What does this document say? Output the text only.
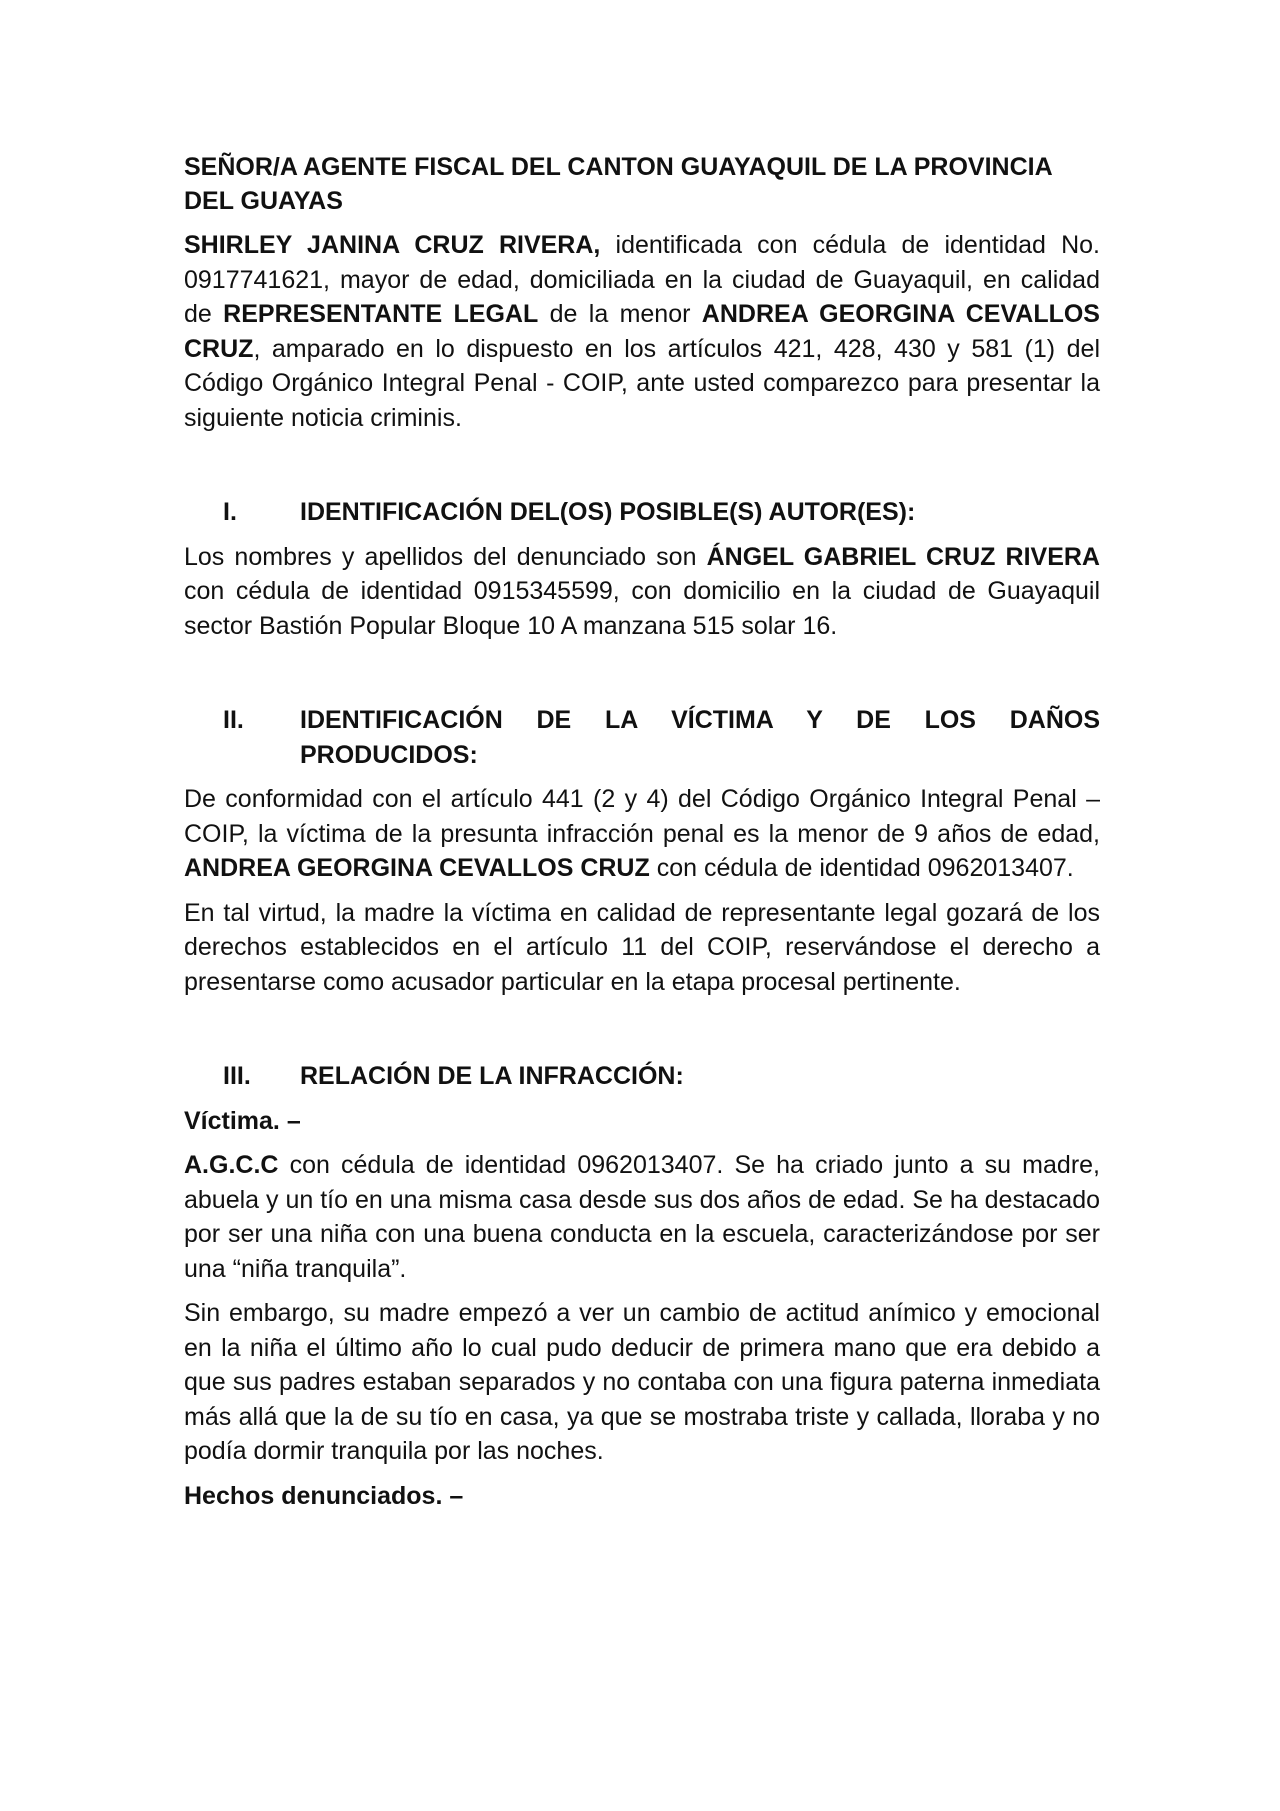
SEÑOR/A AGENTE FISCAL DEL CANTON GUAYAQUIL DE LA PROVINCIA DEL GUAYAS

SHIRLEY JANINA CRUZ RIVERA, identificada con cédula de identidad No. 0917741621, mayor de edad, domiciliada en la ciudad de Guayaquil, en calidad de REPRESENTANTE LEGAL de la menor ANDREA GEORGINA CEVALLOS CRUZ, amparado en lo dispuesto en los artículos 421, 428, 430 y 581 (1) del Código Orgánico Integral Penal - COIP, ante usted comparezco para presentar la siguiente noticia criminis.

I.	IDENTIFICACIÓN DEL(OS) POSIBLE(S) AUTOR(ES):

Los nombres y apellidos del denunciado son ÁNGEL GABRIEL CRUZ RIVERA con cédula de identidad 0915345599, con domicilio en la ciudad de Guayaquil sector Bastión Popular Bloque 10 A manzana 515 solar 16.

II.	IDENTIFICACIÓN DE LA VÍCTIMA Y DE LOS DAÑOS
PRODUCIDOS:

De conformidad con el artículo 441 (2 y 4) del Código Orgánico Integral Penal – COIP, la víctima de la presunta infracción penal es la menor de 9 años de edad, ANDREA GEORGINA CEVALLOS CRUZ con cédula de identidad 0962013407.

En tal virtud, la madre la víctima en calidad de representante legal gozará de los derechos establecidos en el artículo 11 del COIP, reservándose el derecho a presentarse como acusador particular en la etapa procesal pertinente.

III.	RELACIÓN DE LA INFRACCIÓN:

Víctima. –

A.G.C.C con cédula de identidad 0962013407. Se ha criado junto a su madre, abuela y un tío en una misma casa desde sus dos años de edad. Se ha destacado por ser una niña con una buena conducta en la escuela, caracterizándose por ser una “niña tranquila”.

Sin embargo, su madre empezó a ver un cambio de actitud anímico y emocional en la niña el último año lo cual pudo deducir de primera mano que era debido a que sus padres estaban separados y no contaba con una figura paterna inmediata más allá que la de su tío en casa, ya que se mostraba triste y callada, lloraba y no podía dormir tranquila por las noches.

Hechos denunciados. –
